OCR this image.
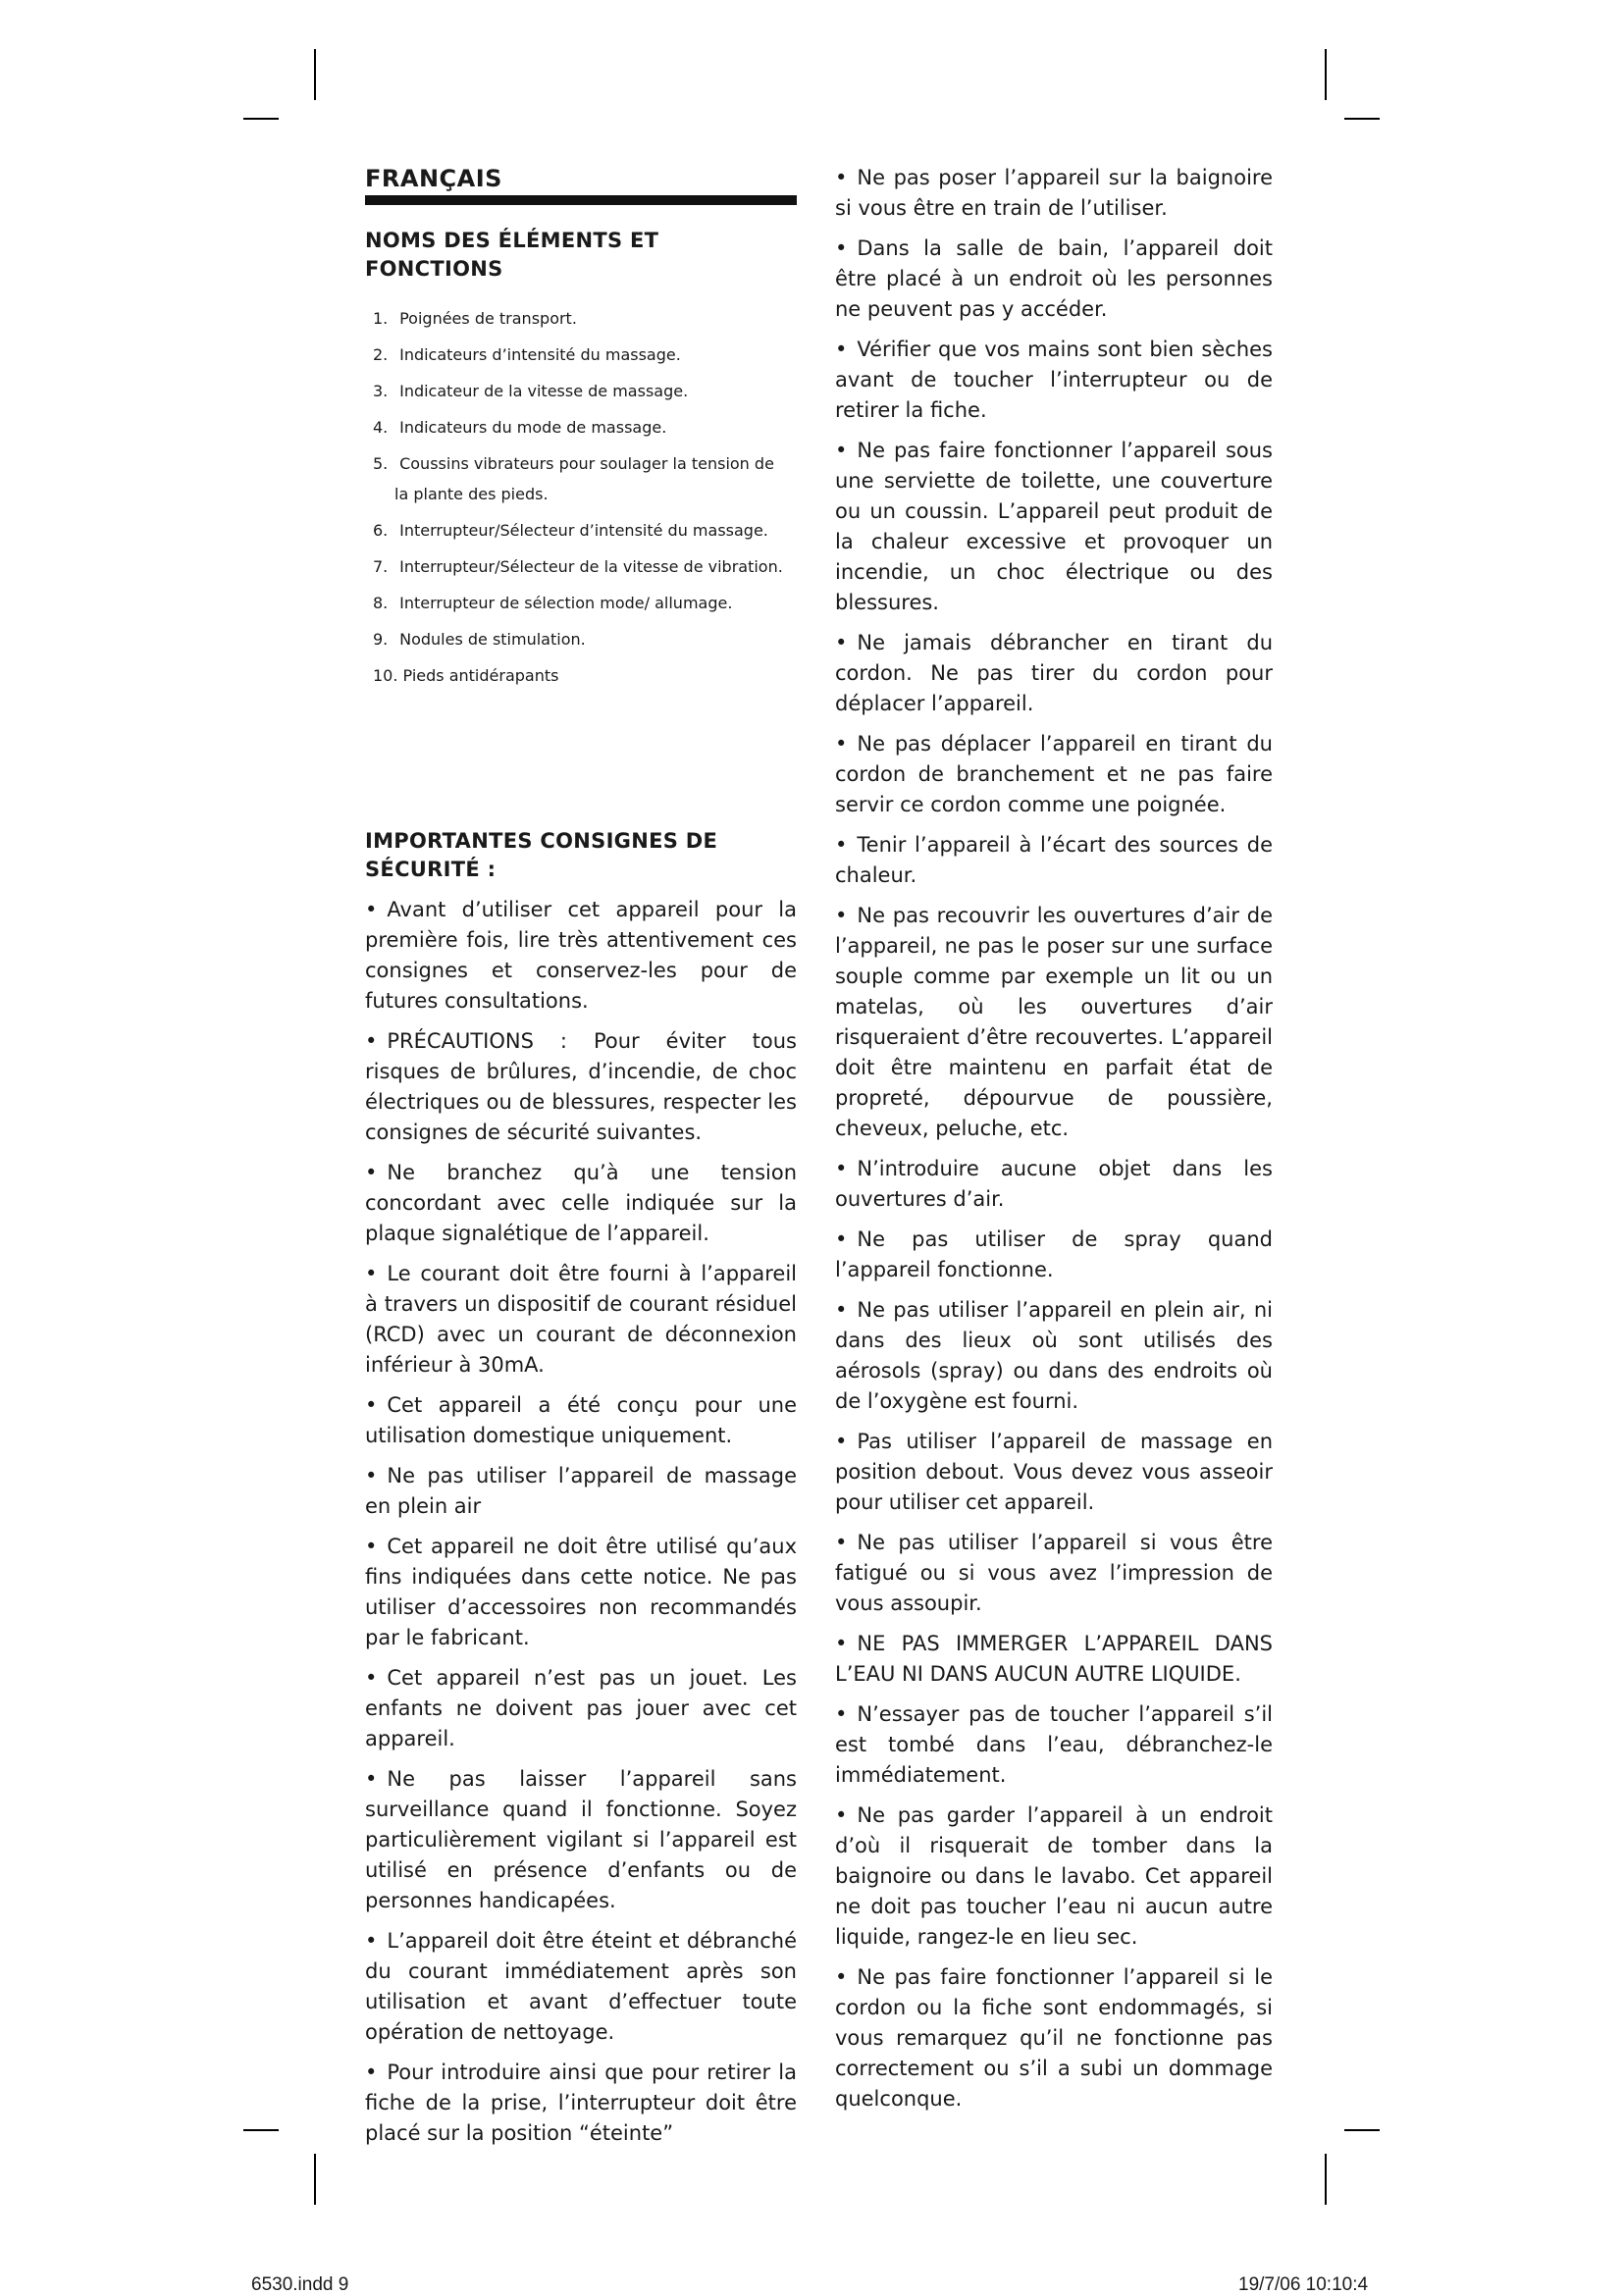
FRANÇAIS
NOMS DES ÉLÉMENTS ET FONCTIONS
1. Poignées de transport.
2. Indicateurs d’intensité du massage.
3. Indicateur de la vitesse de massage.
4. Indicateurs du mode de massage.
5. Coussins vibrateurs pour soulager la tension de la plante des pieds.
6. Interrupteur/Sélecteur d’intensité du massage.
7. Interrupteur/Sélecteur de la vitesse de vibration.
8. Interrupteur de sélection mode/ allumage.
9. Nodules de stimulation.
10. Pieds antidérapants
IMPORTANTES CONSIGNES DE SÉCURITÉ :
• Avant d’utiliser cet appareil pour la première fois, lire très attentivement ces consignes et conservez-les pour de futures consultations.
• PRÉCAUTIONS : Pour éviter tous risques de brûlures, d’incendie, de choc électriques ou de blessures, respecter les consignes de sécurité suivantes.
• Ne branchez qu’à une tension concordant avec celle indiquée sur la plaque signalétique de l’appareil.
• Le courant doit être fourni à l’appareil à travers un dispositif de courant résiduel (RCD) avec un courant de déconnexion inférieur à 30mA.
• Cet appareil a été conçu pour une utilisation domestique uniquement.
• Ne pas utiliser l’appareil de massage en plein air
• Cet appareil ne doit être utilisé qu’aux fins indiquées dans cette notice. Ne pas utiliser d’accessoires non recommandés par le fabricant.
• Cet appareil n’est pas un jouet. Les enfants ne doivent pas jouer avec cet appareil.
• Ne pas laisser l’appareil sans surveillance quand il fonctionne. Soyez particulièrement vigilant si l’appareil est utilisé en présence d’enfants ou de personnes handicapées.
• L’appareil doit être éteint et débranché du courant immédiatement après son utilisation et avant d’effectuer toute opération de nettoyage.
• Pour introduire ainsi que pour retirer la fiche de la prise, l’interrupteur doit être placé sur la position “éteinte”
• Ne pas poser l’appareil sur la baignoire si vous être en train de l’utiliser.
• Dans la salle de bain, l’appareil doit être placé à un endroit où les personnes ne peuvent pas y accéder.
• Vérifier que vos mains sont bien sèches avant de toucher l’interrupteur ou de retirer la fiche.
• Ne pas faire fonctionner l’appareil sous une serviette de toilette, une couverture ou un coussin. L’appareil peut produit de la chaleur excessive et provoquer un incendie, un choc électrique ou des blessures.
• Ne jamais débrancher en tirant du cordon. Ne pas tirer du cordon pour déplacer l’appareil.
• Ne pas déplacer l’appareil en tirant du cordon de branchement et ne pas faire servir ce cordon comme une poignée.
• Tenir l’appareil à l’écart des sources de chaleur.
• Ne pas recouvrir les ouvertures d’air de l’appareil, ne pas le poser sur une surface souple comme par exemple un lit ou un matelas, où les ouvertures d’air risqueraient d’être recouvertes. L’appareil doit être maintenu en parfait état de propreté, dépourvue de poussière, cheveux, peluche, etc.
• N’introduire aucune objet dans les ouvertures d’air.
• Ne pas utiliser de spray quand l’appareil fonctionne.
• Ne pas utiliser l’appareil en plein air, ni dans des lieux où sont utilisés des aérosols (spray) ou dans des endroits où de l’oxygène est fourni.
• Pas utiliser l’appareil de massage en position debout. Vous devez vous asseoir pour utiliser cet appareil.
• Ne pas utiliser l’appareil si vous être fatigué ou si vous avez l’impression de vous assoupir.
• NE PAS IMMERGER L’APPAREIL DANS L’EAU NI DANS AUCUN AUTRE LIQUIDE.
• N’essayer pas de toucher l’appareil s’il est tombé dans l’eau, débranchez-le immédiatement.
• Ne pas garder l’appareil à un endroit d’où il risquerait de tomber dans la baignoire ou dans le lavabo. Cet appareil ne doit pas toucher l’eau ni aucun autre liquide, rangez-le en lieu sec.
• Ne pas faire fonctionner l’appareil si le cordon ou la fiche sont endommagés, si vous remarquez qu’il ne fonctionne pas correctement ou s’il a subi un dommage quelconque.
6530.indd 9	19/7/06 10:10:4
